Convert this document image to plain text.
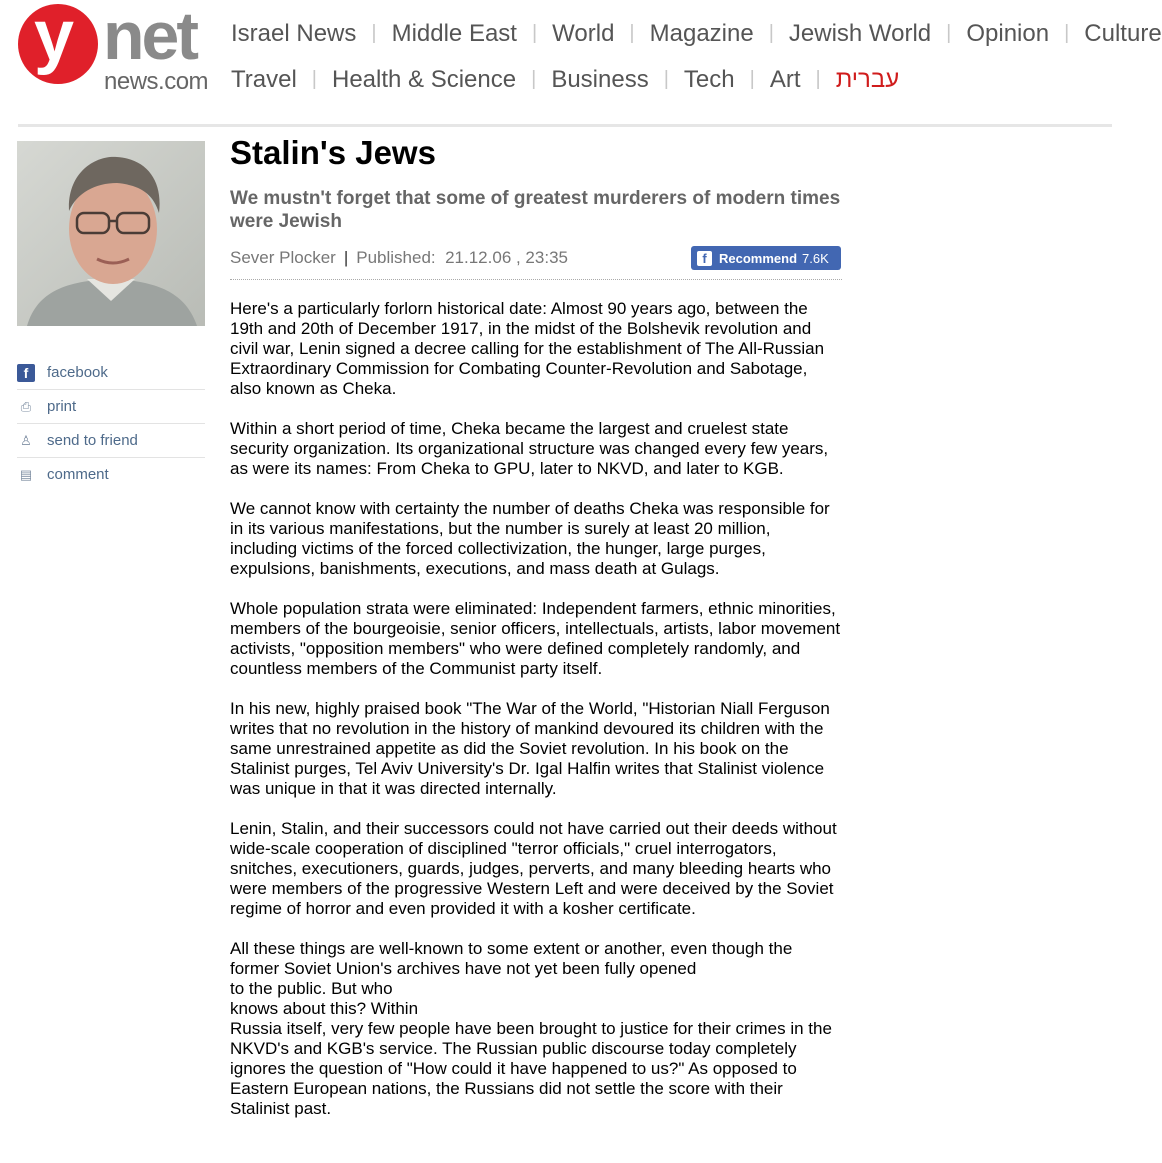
y net
news.com
Israel News | Middle East | World | Magazine | Jewish World | Opinion | Culture
Travel | Health & Science | Business | Tech | Art | עברית
f	facebook
⎙ print
♙ send to friend
▤ comment
Stalin's Jews
We mustn't forget that some of greatest murderers of modern times were Jewish
Sever Plocker | Published: 21.12.06 , 23:35	f Recommend 7.6K

Here's a particularly forlorn historical date: Almost 90 years ago, between the 19th and 20th of December 1917, in the midst of the Bolshevik revolution and civil war, Lenin signed a decree calling for the establishment of The All-Russian Extraordinary Commission for Combating Counter-Revolution and Sabotage, also known as Cheka.

Within a short period of time, Cheka became the largest and cruelest state security organization. Its organizational structure was changed every few years, as were its names: From Cheka to GPU, later to NKVD, and later to KGB.

We cannot know with certainty the number of deaths Cheka was responsible for in its various manifestations, but the number is surely at least 20 million, including victims of the forced collectivization, the hunger, large purges, expulsions, banishments, executions, and mass death at Gulags.

Whole population strata were eliminated: Independent farmers, ethnic minorities, members of the bourgeoisie, senior officers, intellectuals, artists, labor movement activists, "opposition members" who were defined completely randomly, and countless members of the Communist party itself.

In his new, highly praised book "The War of the World, "Historian Niall Ferguson writes that no revolution in the history of mankind devoured its children with the same unrestrained appetite as did the Soviet revolution. In his book on the Stalinist purges, Tel Aviv University's Dr. Igal Halfin writes that Stalinist violence was unique in that it was directed internally.

Lenin, Stalin, and their successors could not have carried out their deeds without wide-scale cooperation of disciplined "terror officials," cruel interrogators, snitches, executioners, guards, judges, perverts, and many bleeding hearts who were members of the progressive Western Left and were deceived by the Soviet regime of horror and even provided it with a kosher certificate.

All these things are well-known to some extent or another, even though the former Soviet Union's archives have not yet been fully opened
to the public. But who
knows about this? Within
Russia itself, very few people have been brought to justice for their crimes in the NKVD's and KGB's service. The Russian public discourse today completely ignores the question of "How could it have happened to us?" As opposed to Eastern European nations, the Russians did not settle the score with their Stalinist past.
